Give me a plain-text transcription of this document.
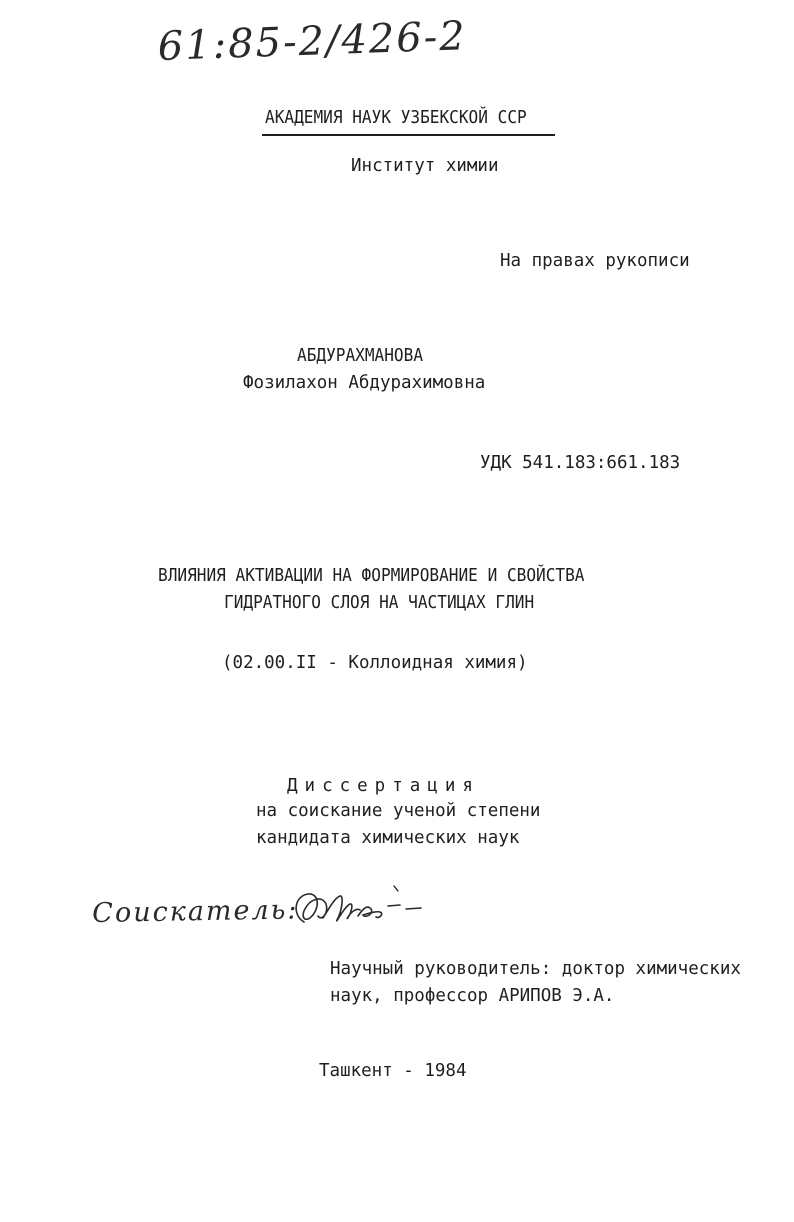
61:85-2/426-2
АКАДЕМИЯ НАУК УЗБЕКСКОЙ ССР
Институт химии
На правах рукописи
АБДУРАХМАНОВА
Фозилахон Абдурахимовна
УДК 541.183:661.183
ВЛИЯНИЯ АКТИВАЦИИ НА ФОРМИРОВАНИЕ И СВОЙСТВА
ГИДРАТНОГО СЛОЯ НА ЧАСТИЦАХ ГЛИН
(02.00.II - Коллоидная химия)
Диссертация
на соискание ученой степени
кандидата химических наук
Соискатель:
Научный руководитель: доктор химических
наук, профессор АРИПОВ Э.А.
Ташкент - 1984
